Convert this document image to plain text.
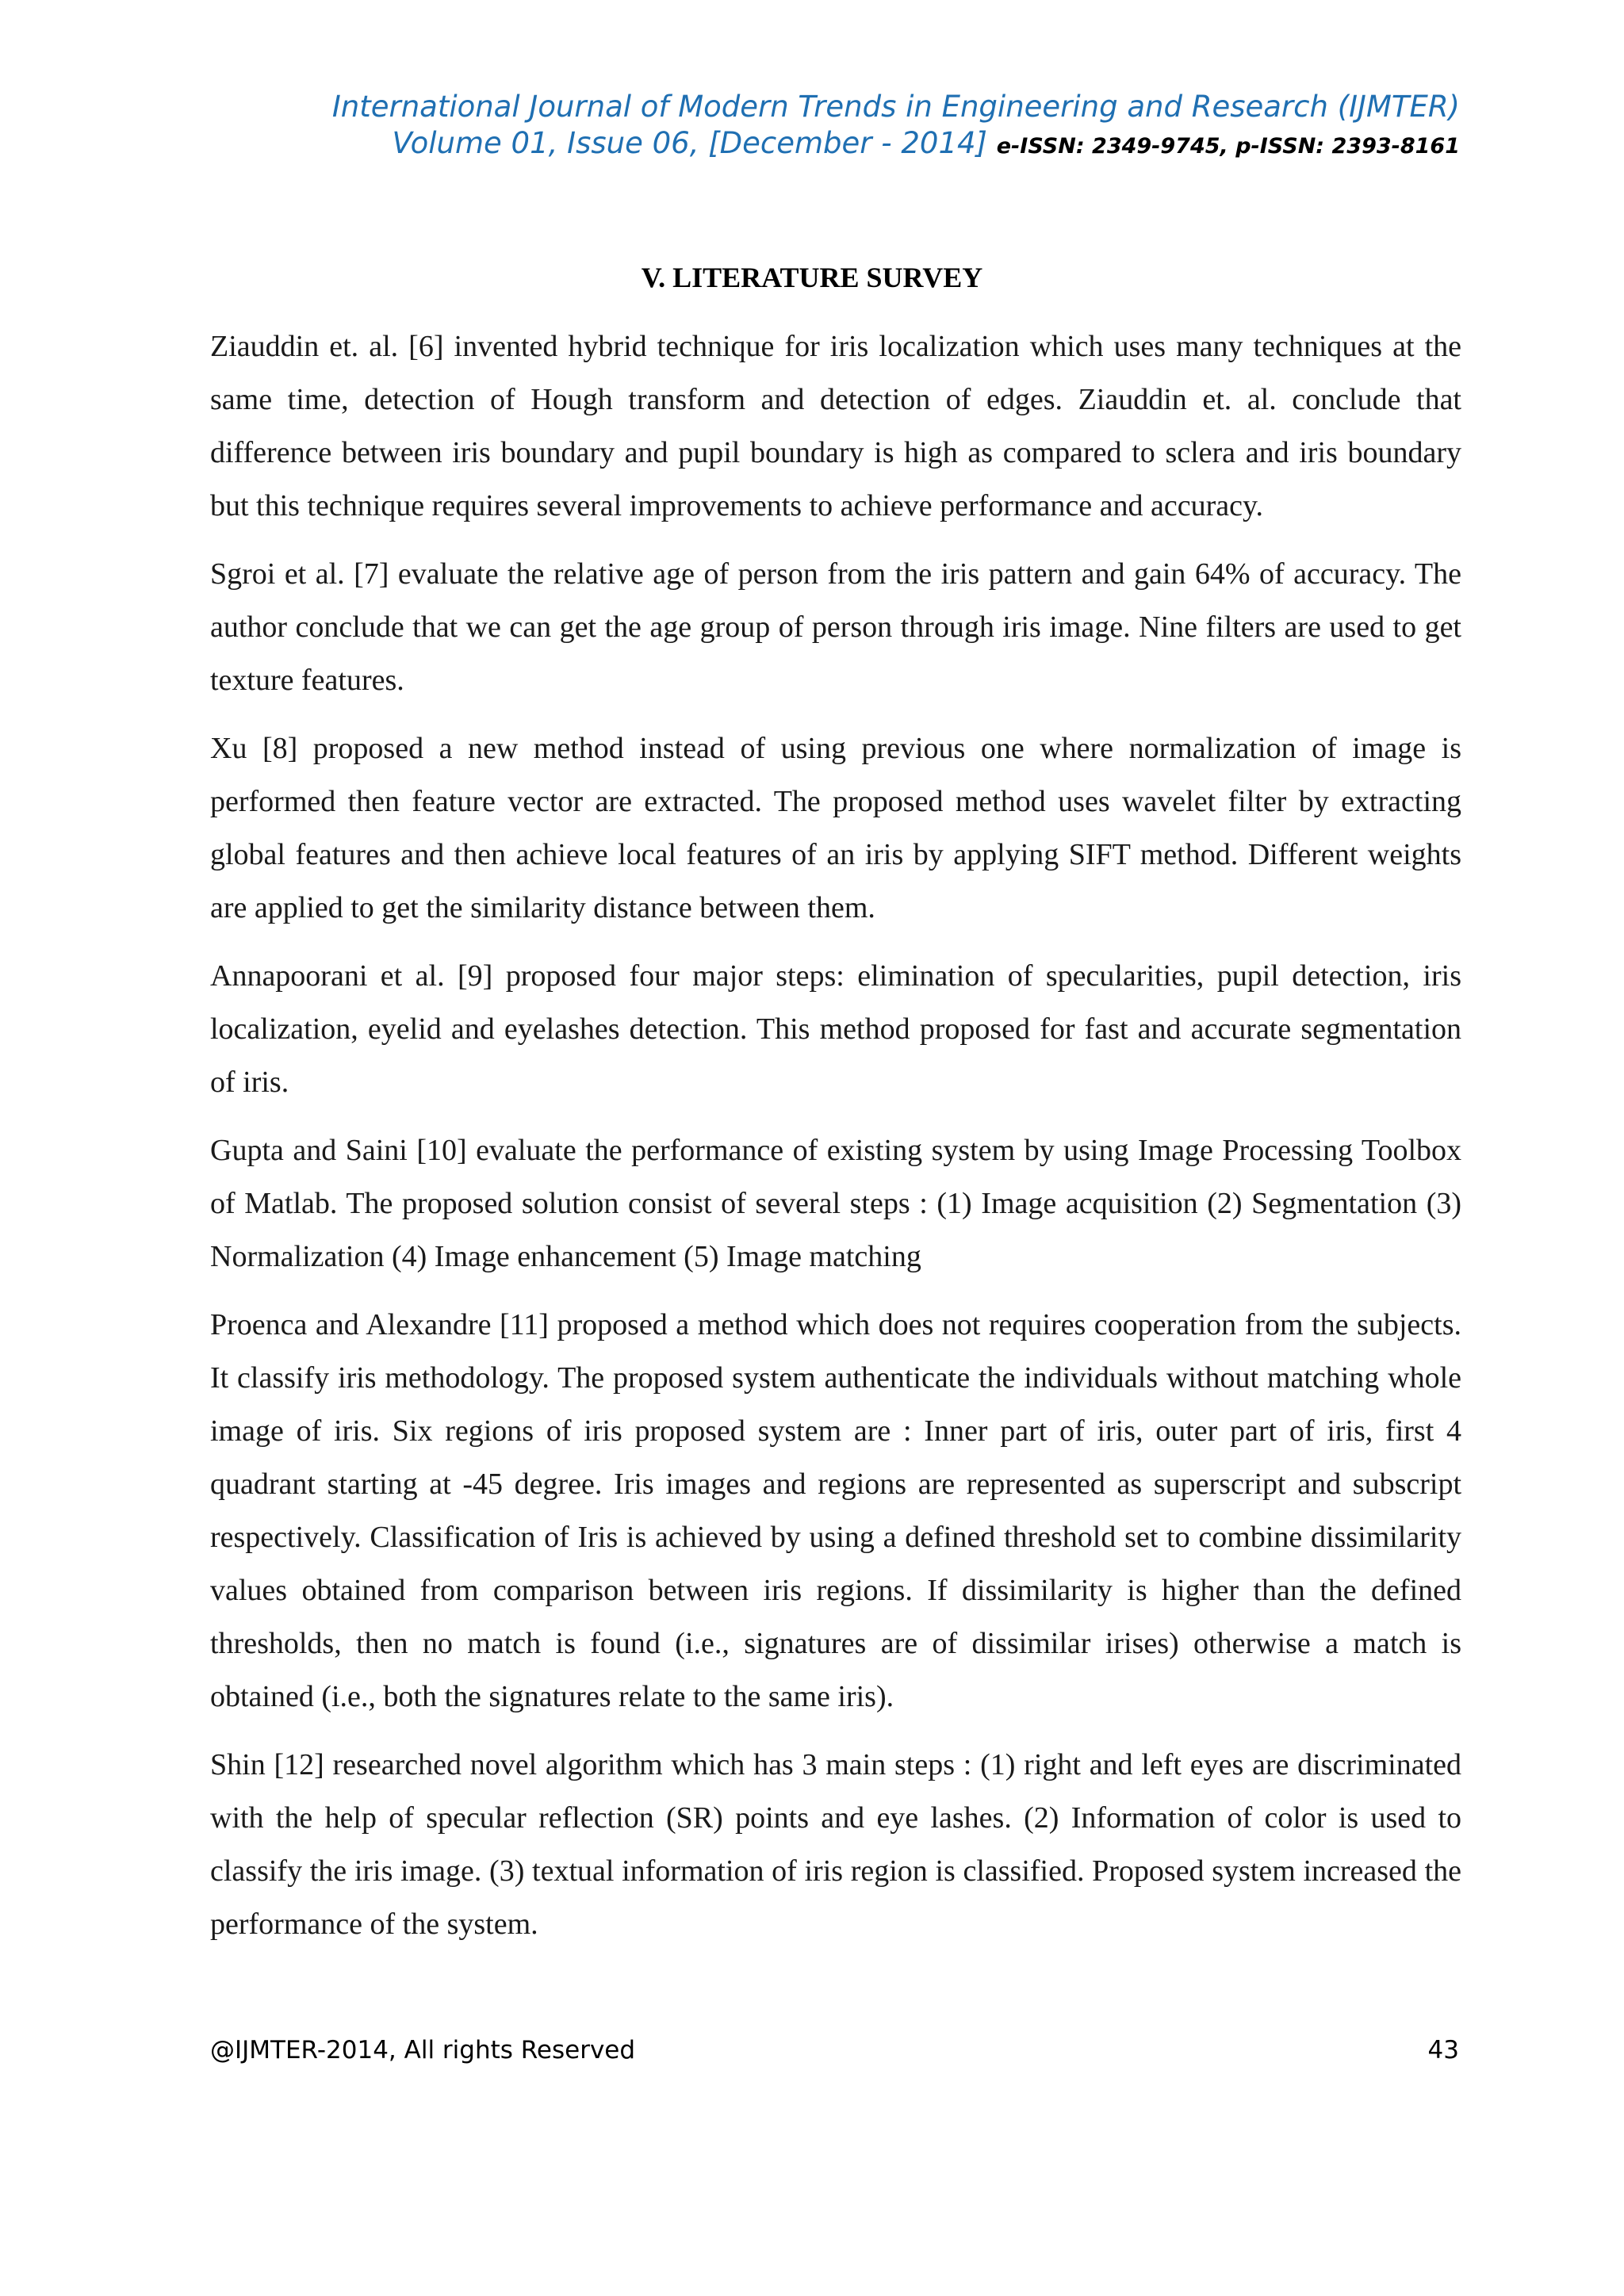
International Journal of Modern Trends in Engineering and Research (IJMTER)
Volume 01, Issue 06, [December - 2014] e-ISSN: 2349-9745, p-ISSN: 2393-8161
V. LITERATURE SURVEY

Ziauddin et. al. [6] invented hybrid technique for iris localization which uses many techniques at the same time, detection of Hough transform and detection of edges. Ziauddin et. al. conclude that difference between iris boundary and pupil boundary is high as compared to sclera and iris boundary but this technique requires several improvements to achieve performance and accuracy.

Sgroi et al. [7] evaluate the relative age of person from the iris pattern and gain 64% of accuracy. The author conclude that we can get the age group of person through iris image. Nine filters are used to get texture features.

Xu [8] proposed a new method instead of using previous one where normalization of image is performed then feature vector are extracted. The proposed method uses wavelet filter by extracting global features and then achieve local features of an iris by applying SIFT method. Different weights are applied to get the similarity distance between them.

Annapoorani et al. [9] proposed four major steps: elimination of specularities, pupil detection, iris localization, eyelid and eyelashes detection. This method proposed for fast and accurate segmentation of iris.

Gupta and Saini [10] evaluate the performance of existing system by using Image Processing Toolbox of Matlab. The proposed solution consist of several steps : (1) Image acquisition (2) Segmentation (3) Normalization (4) Image enhancement (5) Image matching

Proenca and Alexandre [11] proposed a method which does not requires cooperation from the subjects. It classify iris methodology. The proposed system authenticate the individuals without matching whole image of iris. Six regions of iris proposed system are : Inner part of iris, outer part of iris, first 4 quadrant starting at -45 degree. Iris images and regions are represented as superscript and subscript respectively. Classification of Iris is achieved by using a defined threshold set to combine dissimilarity values obtained from comparison between iris regions. If dissimilarity is higher than the defined thresholds, then no match is found (i.e., signatures are of dissimilar irises) otherwise a match is obtained (i.e., both the signatures relate to the same iris).

Shin [12] researched novel algorithm which has 3 main steps : (1) right and left eyes are discriminated with the help of specular reflection (SR) points and eye lashes. (2) Information of color is used to classify the iris image. (3) textual information of iris region is classified. Proposed system increased the performance of the system.

@IJMTER-2014, All rights Reserved	43
